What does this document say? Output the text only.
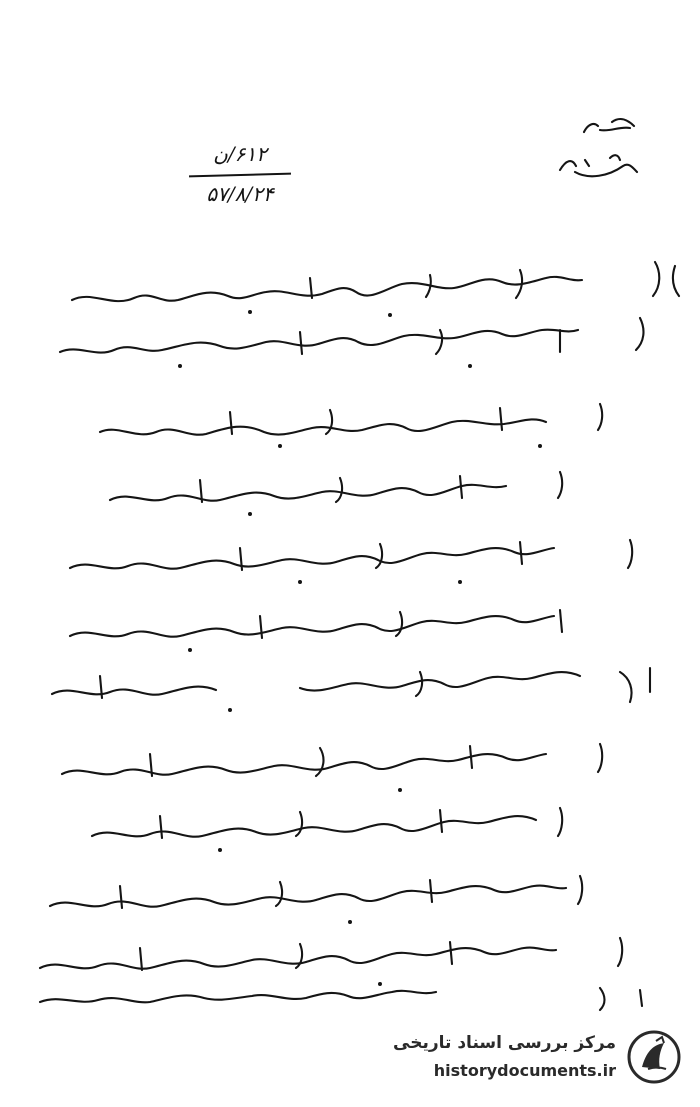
۶۱۲/ن
۵۷/۸/۲۴
مرکز بررسی اسناد تاریخی
historydocuments.ir
